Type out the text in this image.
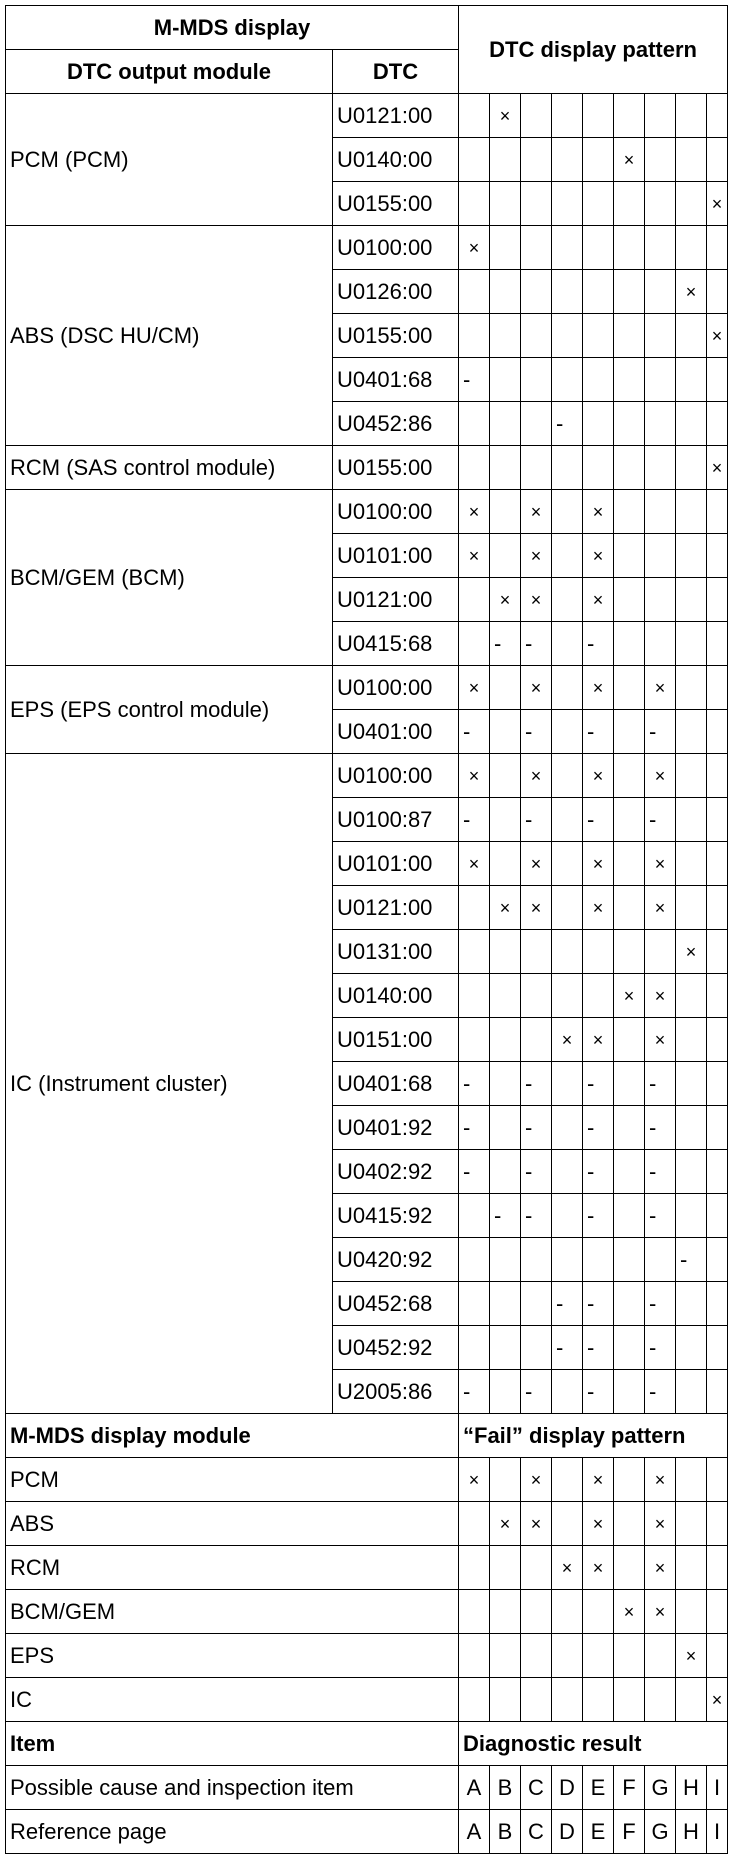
M-MDS display		DTC display pattern								
DTC output module	DTC									
PCM (PCM)	U0121:00		×							
	U0140:00						×			
	U0155:00									×
ABS (DSC HU/CM)	U0100:00	×								
	U0126:00								×	
	U0155:00									×
	U0401:68	-								
	U0452:86				-					
RCM (SAS control module)	U0155:00									×
BCM/GEM (BCM)	U0100:00	×		×		×				
	U0101:00	×		×		×				
	U0121:00		×	×		×				
	U0415:68		-	-		-				
EPS (EPS control module)	U0100:00	×		×		×		×		
	U0401:00	-		-		-		-		
IC (Instrument cluster)	U0100:00	×		×		×		×		
	U0100:87	-		-		-		-		
	U0101:00	×		×		×		×		
	U0121:00		×	×		×		×		
	U0131:00								×	
	U0140:00						×	×		
	U0151:00				×	×		×		
	U0401:68	-		-		-		-		
	U0401:92	-		-		-		-		
	U0402:92	-		-		-		-		
	U0415:92		-	-		-		-		
	U0420:92								-	
	U0452:68				-	-		-		
	U0452:92				-	-		-		
	U2005:86	-		-		-		-		
M-MDS display module		“Fail” display pattern								
PCM		×		×		×		×		
ABS			×	×		×		×		
RCM					×	×		×		
BCM/GEM							×	×		
EPS									×	
IC										×
Item		Diagnostic result								
Possible cause and inspection item		A	B	C	D	E	F	G	H	I
Reference page		A	B	C	D	E	F	G	H	I
